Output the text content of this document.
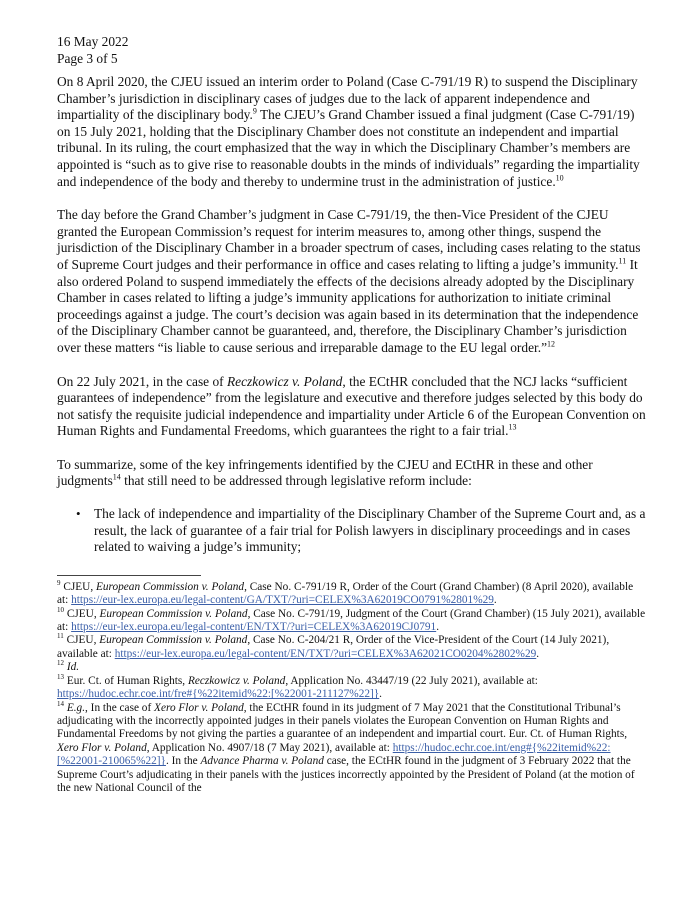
16 May 2022

Page 3 of 5

On 8 April 2020, the CJEU issued an interim order to Poland (Case C-791/19 R) to suspend the Disciplinary Chamber’s jurisdiction in disciplinary cases of judges due to the lack of apparent independence and impartiality of the disciplinary body.$^9$ The CJEU’s Grand Chamber issued a final judgment (Case C-791/19) on 15 July 2021, holding that the Disciplinary Chamber does not constitute an independent and impartial tribunal. In its ruling, the court emphasized that the way in which the Disciplinary Chamber’s members are appointed is “such as to give rise to reasonable doubts in the minds of individuals” regarding the impartiality and independence of the body and thereby to undermine trust in the administration of justice.$^{10}$

The day before the Grand Chamber’s judgment in Case C-791/19, the then-Vice President of the CJEU granted the European Commission’s request for interim measures to, among other things, suspend the jurisdiction of the Disciplinary Chamber in a broader spectrum of cases, including cases relating to the status of Supreme Court judges and their performance in office and cases relating to lifting a judge’s immunity.$^{11}$ It also ordered Poland to suspend immediately the effects of the decisions already adopted by the Disciplinary Chamber in cases related to lifting a judge’s immunity applications for authorization to initiate criminal proceedings against a judge. The court’s decision was again based in its determination that the independence of the Disciplinary Chamber cannot be guaranteed, and, therefore, the Disciplinary Chamber’s jurisdiction over these matters “is liable to cause serious and irreparable damage to the EU legal order.”$^{12}$

On 22 July 2021, in the case of Reczkowicz v. Poland, the ECtHR concluded that the NCJ lacks “sufficient guarantees of independence” from the legislature and executive and therefore judges selected by this body do not satisfy the requisite judicial independence and impartiality under Article 6 of the European Convention on Human Rights and Fundamental Freedoms, which guarantees the right to a fair trial.$^{13}$

To summarize, some of the key infringements identified by the CJEU and ECtHR in these and other judgments$^{14}$ that still need to be addressed through legislative reform include:

• The lack of independence and impartiality of the Disciplinary Chamber of the Supreme Court and, as a result, the lack of guarantee of a fair trial for Polish lawyers in disciplinary proceedings and in cases related to waiving a judge’s immunity;

$^9$ CJEU, European Commission v. Poland, Case No. C-791/19 R, Order of the Court (Grand Chamber) (8 April 2020), available at: https://eur-lex.europa.eu/legal-content/GA/TXT/?uri=CELEX%3A62019CO0791%2801%29.

$^{10}$ CJEU, European Commission v. Poland, Case No. C-791/19, Judgment of the Court (Grand Chamber) (15 July 2021), available at: https://eur-lex.europa.eu/legal-content/EN/TXT/?uri=CELEX%3A62019CJ0791.

$^{11}$ CJEU, European Commission v. Poland, Case No. C-204/21 R, Order of the Vice-President of the Court (14 July 2021), available at: https://eur-lex.europa.eu/legal-content/EN/TXT/?uri=CELEX%3A62021CO0204%2802%29.

$^{12}$ Id.

$^{13}$ Eur. Ct. of Human Rights, Reczkowicz v. Poland, Application No. 43447/19 (22 July 2021), available at: https://hudoc.echr.coe.int/fre#{%22itemid%22:[%22001-211127%22]}.

$^{14}$ E.g., In the case of Xero Flor v. Poland, the ECtHR found in its judgment of 7 May 2021 that the Constitutional Tribunal’s adjudicating with the incorrectly appointed judges in their panels violates the European Convention on Human Rights and Fundamental Freedoms by not giving the parties a guarantee of an independent and impartial court. Eur. Ct. of Human Rights, Xero Flor v. Poland, Application No. 4907/18 (7 May 2021), available at: https://hudoc.echr.coe.int/eng#{%22itemid%22:[%22001-210065%22]}. In the Advance Pharma v. Poland case, the ECtHR found in the judgment of 3 February 2022 that the Supreme Court’s adjudicating in their panels with the justices incorrectly appointed by the President of Poland (at the motion of the new National Council of the
